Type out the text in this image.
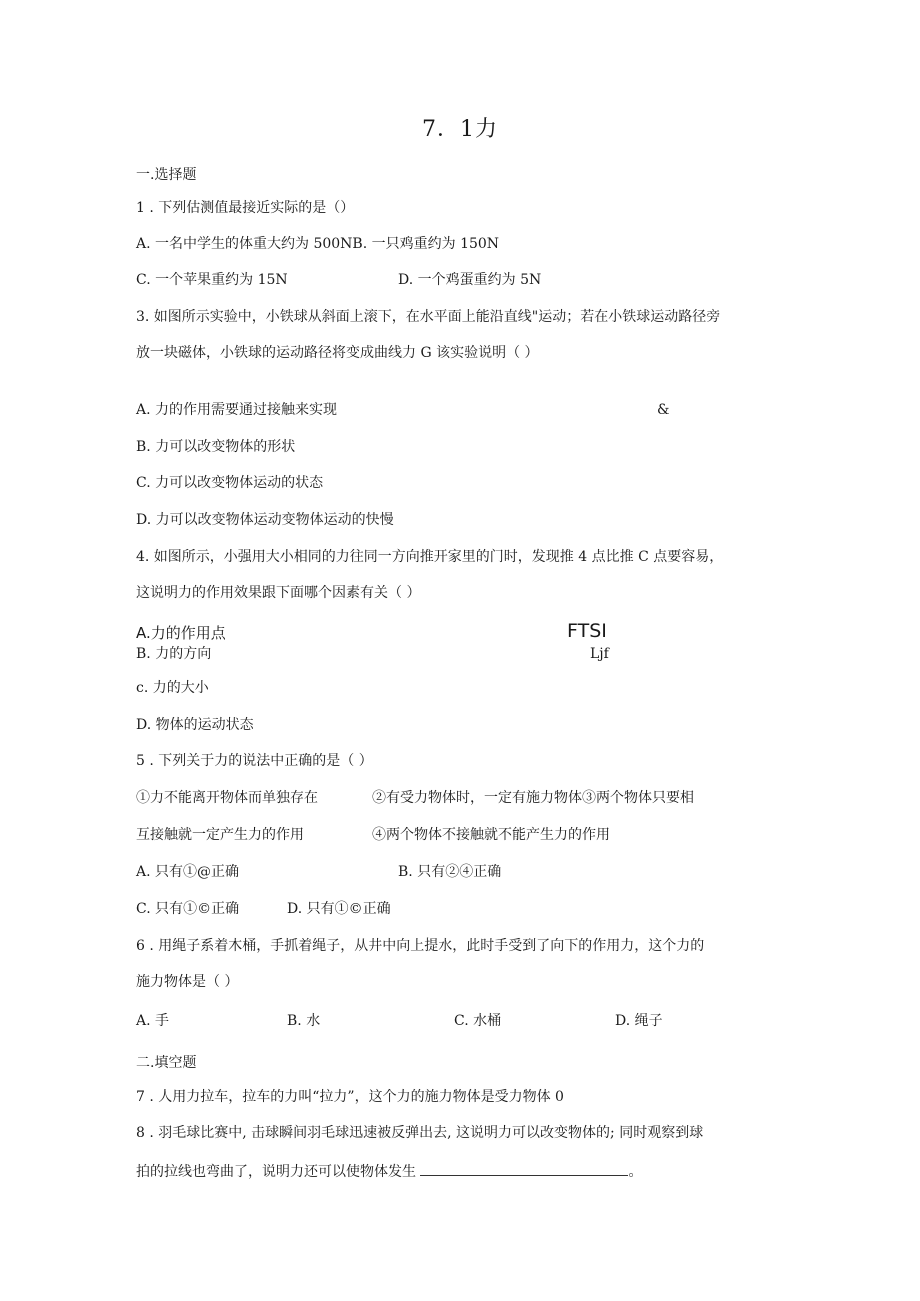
7．1力
一.选择题
1 . 下列估测值最接近实际的是（）
A. 一名中学生的体重大约为 500NB. 一只鸡重约为 150N
C. 一个苹果重约为 15N	D. 一个鸡蛋重约为 5N
3. 如图所示实验中，小铁球从斜面上滚下，在水平面上能沿直线"运动；若在小铁球运动路径旁
放一块磁体，小铁球的运动路径将变成曲线力 G 该实验说明（ ）
A. 力的作用需要通过接触来实现	&
B. 力可以改变物体的形状
C. 力可以改变物体运动的状态
D. 力可以改变物体运动变物体运动的快慢
4. 如图所示，小强用大小相同的力往同一方向推开家里的门时，发现推 4 点比推 C 点要容易，
这说明力的作用效果跟下面哪个因素有关（ ）
A.力的作用点	FTSI
B. 力的方向	Ljf
c. 力的大小
D. 物体的运动状态
5 . 下列关于力的说法中正确的是（ ）
①力不能离开物体而单独存在	②有受力物体时，一定有施力物体③两个物体只要相
互接触就一定产生力的作用	④两个物体不接触就不能产生力的作用
A. 只有①@正确	B. 只有②④正确
C. 只有①©正确	D. 只有①©正确
6 . 用绳子系着木桶，手抓着绳子，从井中向上提水，此时手受到了向下的作用力，这个力的
施力物体是（ ）
A. 手	B. 水	C. 水桶	D. 绳子
二.填空题
7 . 人用力拉车，拉车的力叫“拉力”，这个力的施力物体是受力物体 0
8 . 羽毛球比赛中, 击球瞬间羽毛球迅速被反弹出去, 这说明力可以改变物体的; 同时观察到球
拍的拉线也弯曲了，说明力还可以使物体发生	。
